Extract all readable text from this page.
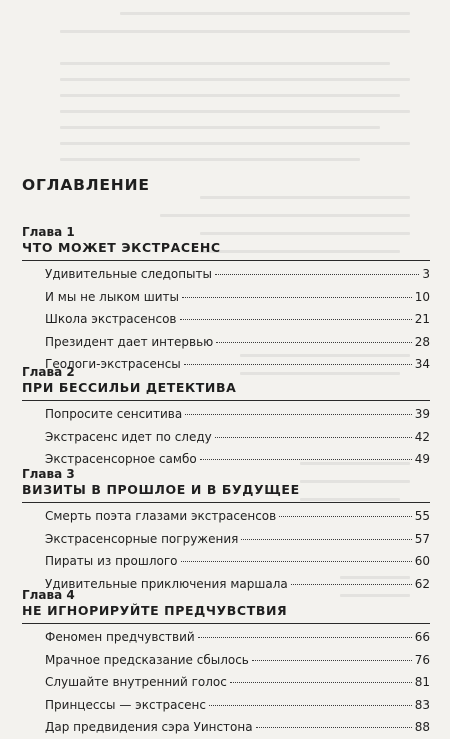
ОГЛАВЛЕНИЕ
Глава 1
ЧТО МОЖЕТ ЭКСТРАСЕНС
Удивительные следопыты	3
И мы не лыком шиты	10
Школа экстрасенсов	21
Президент дает интервью	28
Геологи-экстрасенсы	34
Глава 2
ПРИ БЕССИЛЬИ ДЕТЕКТИВА
Попросите сенситива	39
Экстрасенс идет по следу	42
Экстрасенсорное самбо	49
Глава 3
ВИЗИТЫ В ПРОШЛОЕ И В БУДУЩЕЕ
Смерть поэта глазами экстрасенсов	55
Экстрасенсорные погружения	57
Пираты из прошлого	60
Удивительные приключения маршала	62
Глава 4
НЕ ИГНОРИРУЙТЕ ПРЕДЧУВСТВИЯ
Феномен предчувствий	66
Мрачное предсказание сбылось	76
Слушайте внутренний голос	81
Принцессы — экстрасенс	83
Дар предвидения сэра Уинстона	88
